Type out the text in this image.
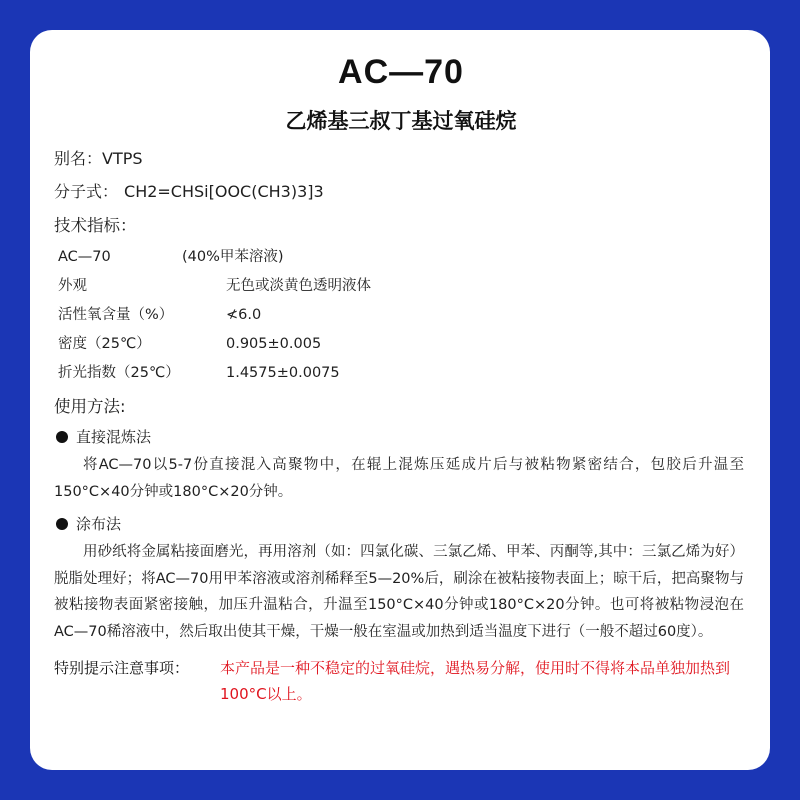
AC—70
乙烯基三叔丁基过氧硅烷
别名：VTPS
分子式： CH2=CHSi[OOC(CH3)3]3
技术指标：
AC—70	(40%甲苯溶液)
外观	无色或淡黄色透明液体
活性氧含量（%）	≮6.0
密度（25℃）	0.905±0.005
折光指数（25℃）	1.4575±0.0075
使用方法:
直接混炼法
将AC—70以5-7份直接混入高聚物中，在辊上混炼压延成片后与被粘物紧密结合，包胶后升温至150°C×40分钟或180°C×20分钟。
涂布法
用砂纸将金属粘接面磨光，再用溶剂（如：四氯化碳、三氯乙烯、甲苯、丙酮等,其中：三氯乙烯为好）脱脂处理好；将AC—70用甲苯溶液或溶剂稀释至5—20%后，刷涂在被粘接物表面上；晾干后，把高聚物与被粘接物表面紧密接触，加压升温粘合，升温至150°C×40分钟或180°C×20分钟。也可将被粘物浸泡在AC—70稀溶液中，然后取出使其干燥，干燥一般在室温或加热到适当温度下进行（一般不超过60度）。
特别提示注意事项：	本产品是一种不稳定的过氧硅烷，遇热易分解，使用时不得将本品单独加热到100°C以上。
